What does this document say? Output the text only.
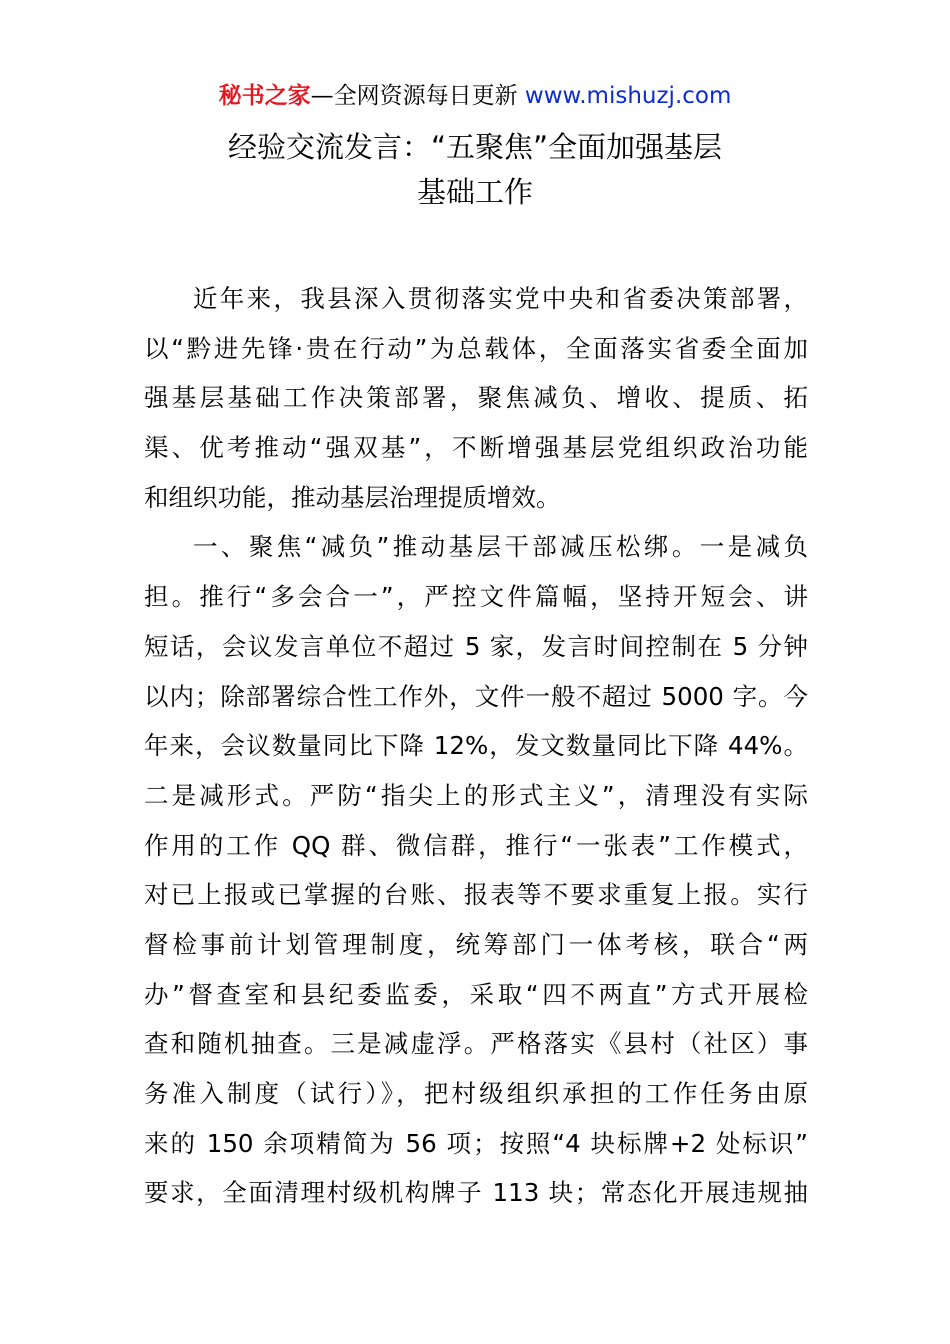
秘书之家—全网资源每日更新 www.mishuzj.com
经验交流发言：“五聚焦”全面加强基层
基础工作
近年来，我县深入贯彻落实党中央和省委决策部署，
以“黔进先锋·贵在行动”为总载体，全面落实省委全面加
强基层基础工作决策部署，聚焦减负、增收、提质、拓
渠、优考推动“强双基”，不断增强基层党组织政治功能
和组织功能，推动基层治理提质增效。
一、聚焦“减负”推动基层干部减压松绑。一是减负
担。推行“多会合一”，严控文件篇幅，坚持开短会、讲
短话，会议发言单位不超过 5 家，发言时间控制在 5 分钟
以内；除部署综合性工作外，文件一般不超过 5000 字。今
年来，会议数量同比下降 12%，发文数量同比下降 44%。
二是减形式。严防“指尖上的形式主义”，清理没有实际
作用的工作 QQ 群、微信群，推行“一张表”工作模式，
对已上报或已掌握的台账、报表等不要求重复上报。实行
督检事前计划管理制度，统筹部门一体考核，联合“两
办”督查室和县纪委监委，采取“四不两直”方式开展检
查和随机抽查。三是减虚浮。严格落实《县村（社区）事
务准入制度（试行）》，把村级组织承担的工作任务由原
来的 150 余项精简为 56 项；按照“4 块标牌+2 处标识”
要求，全面清理村级机构牌子 113 块；常态化开展违规抽
